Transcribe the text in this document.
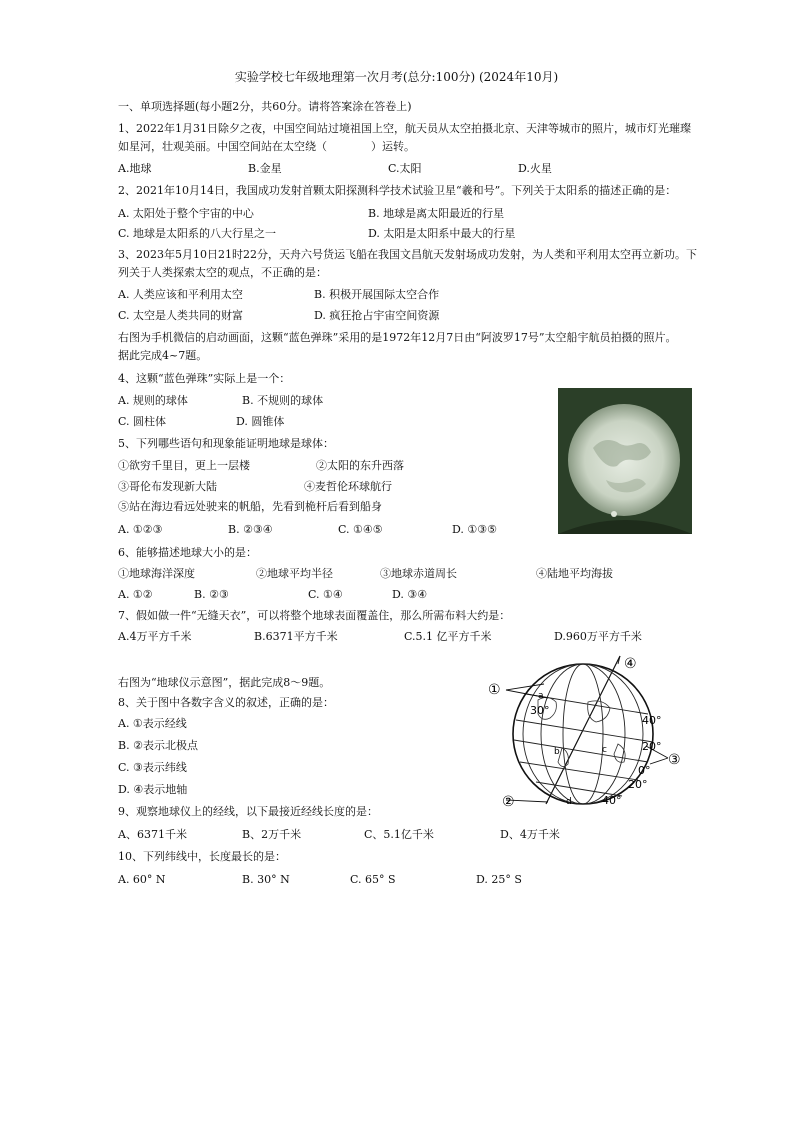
实验学校七年级地理第一次月考(总分:100分) (2024年10月)
一、单项选择题(每小题2分，共60分。请将答案涂在答卷上)
1、2022年1月31日除夕之夜，中国空间站过境祖国上空，航天员从太空拍摄北京、天津等城市的照片，城市灯光璀璨
如星河，壮观美丽。中国空间站在太空绕（　　　　）运转。
A.地球	B.金星	C.太阳	D.火星
2、2021年10月14日，我国成功发射首颗太阳探测科学技术试验卫星“羲和号”。下列关于太阳系的描述正确的是：
A. 太阳处于整个宇宙的中心	B. 地球是离太阳最近的行星
C. 地球是太阳系的八大行星之一	D. 太阳是太阳系中最大的行星
3、2023年5月10日21时22分，天舟六号货运飞船在我国文昌航天发射场成功发射，为人类和平利用太空再立新功。下
列关于人类探索太空的观点，不正确的是：
A. 人类应该和平利用太空	B. 积极开展国际太空合作
C. 太空是人类共同的财富	D. 疯狂抢占宇宙空间资源
右图为手机微信的启动画面，这颗“蓝色弹珠”采用的是1972年12月7日由“阿波罗17号”太空船宇航员拍摄的照片。
据此完成4~7题。
4、这颗“蓝色弹珠”实际上是一个：
A. 规则的球体	B. 不规则的球体
C. 圆柱体	D. 圆锥体
5、下列哪些语句和现象能证明地球是球体：
①欲穷千里目，更上一层楼	②太阳的东升西落
③哥伦布发现新大陆	④麦哲伦环球航行
⑤站在海边看远处驶来的帆船，先看到桅杆后看到船身
A. ①②③	B. ②③④	C. ①④⑤	D. ①③⑤
6、能够描述地球大小的是：
①地球海洋深度	②地球平均半径	③地球赤道周长	④陆地平均海拔
A. ①②	B. ②③	C. ①④	D. ③④
7、假如做一件“无缝天衣”，可以将整个地球表面覆盖住，那么所需布料大约是：
A.4万平方千米	B.6371平方千米	C.5.1 亿平方千米	D.960万平方千米
右图为“地球仪示意图”，据此完成8～9题。
8、关于图中各数字含义的叙述，正确的是：
A. ①表示经线
B. ②表示北极点
C. ③表示纬线
D. ④表示地轴
①
②
③
④
30°
40°
20°
0°
20°
40°
a
b	c
d
9、观察地球仪上的经线，以下最接近经线长度的是：
A、6371千米	B、2万千米	C、5.1亿千米	D、4万千米
10、下列纬线中，长度最长的是：
A. 60° N	B. 30° N	C. 65° S	D. 25° S
